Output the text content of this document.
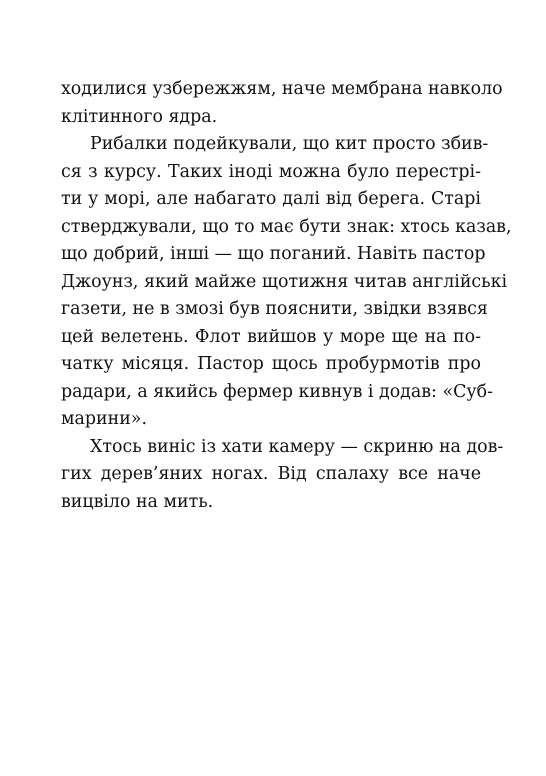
ходилися узбережжям, наче мембрана навколо
клітинного ядра.
Рибалки подейкували, що кит просто збив-
ся з курсу. Таких іноді можна було перестрі-
ти у морі, але набагато далі від берега. Старі
стверджували, що то має бути знак: хтось казав,
що добрий, інші — що поганий. Навіть пастор
Джоунз, який майже щотижня читав англійські
газети, не в змозі був пояснити, звідки взявся
цей велетень. Флот вийшов у море ще на по-
чатку місяця. Пастор щось пробурмотів про
радари, а якийсь фермер кивнув і додав: «Суб-
марини».
Хтось виніс із хати камеру — скриню на дов-
гих дерев’яних ногах. Від спалаху все наче
вицвіло на мить.
